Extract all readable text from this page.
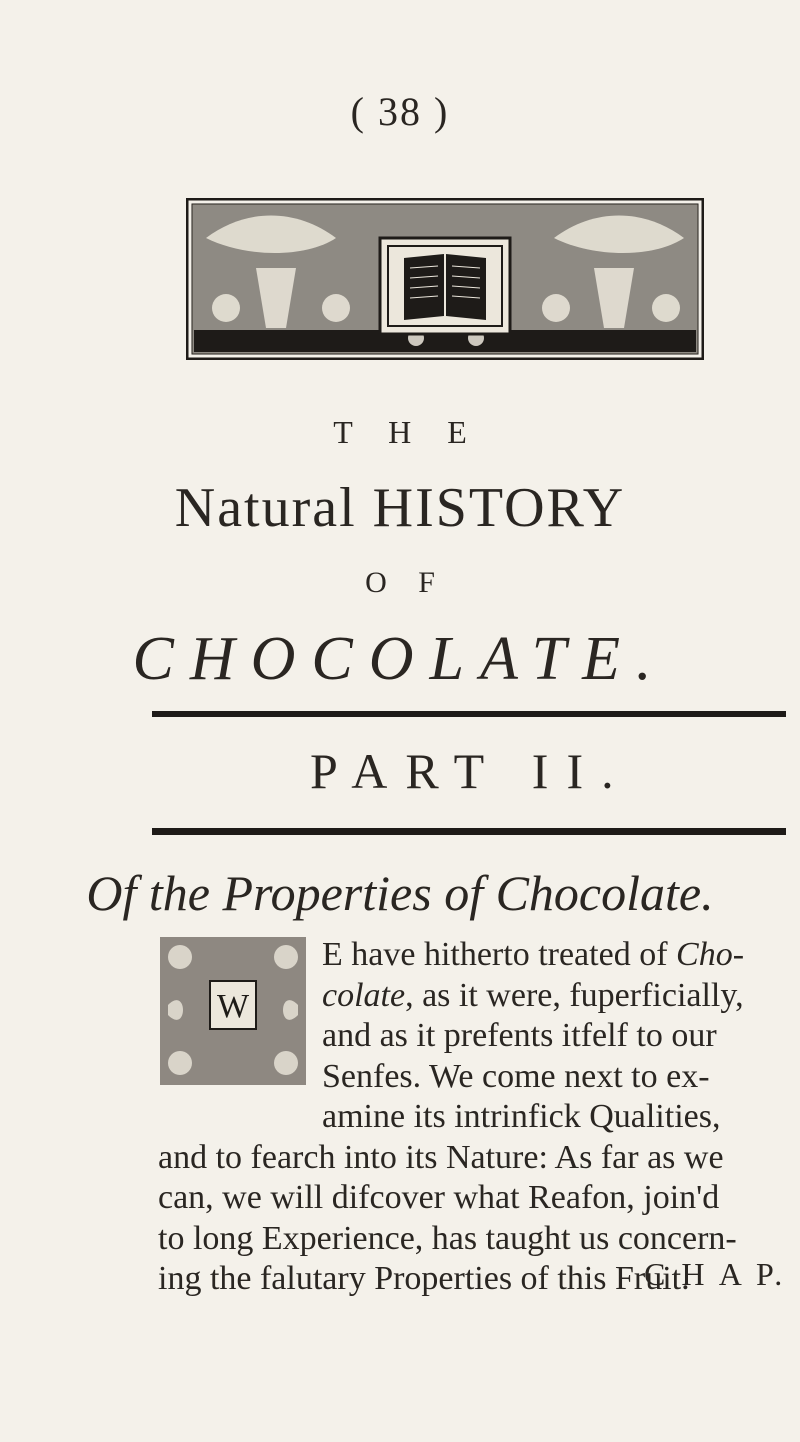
( 38 )
T H E
Natural HISTORY
O F
CHOCOLATE.
PART II.
Of the Properties of Chocolate.
W
E have hitherto treated of Cho-
colate, as it were, fuperficially,
and as it prefents itfelf to our
Senfes. We come next to ex-
amine its intrinfick Qualities,
and to fearch into its Nature: As far as we
can, we will difcover what Reafon, join'd
to long Experience, has taught us concern-
ing the falutary Properties of this Fruit.
C H A P.
